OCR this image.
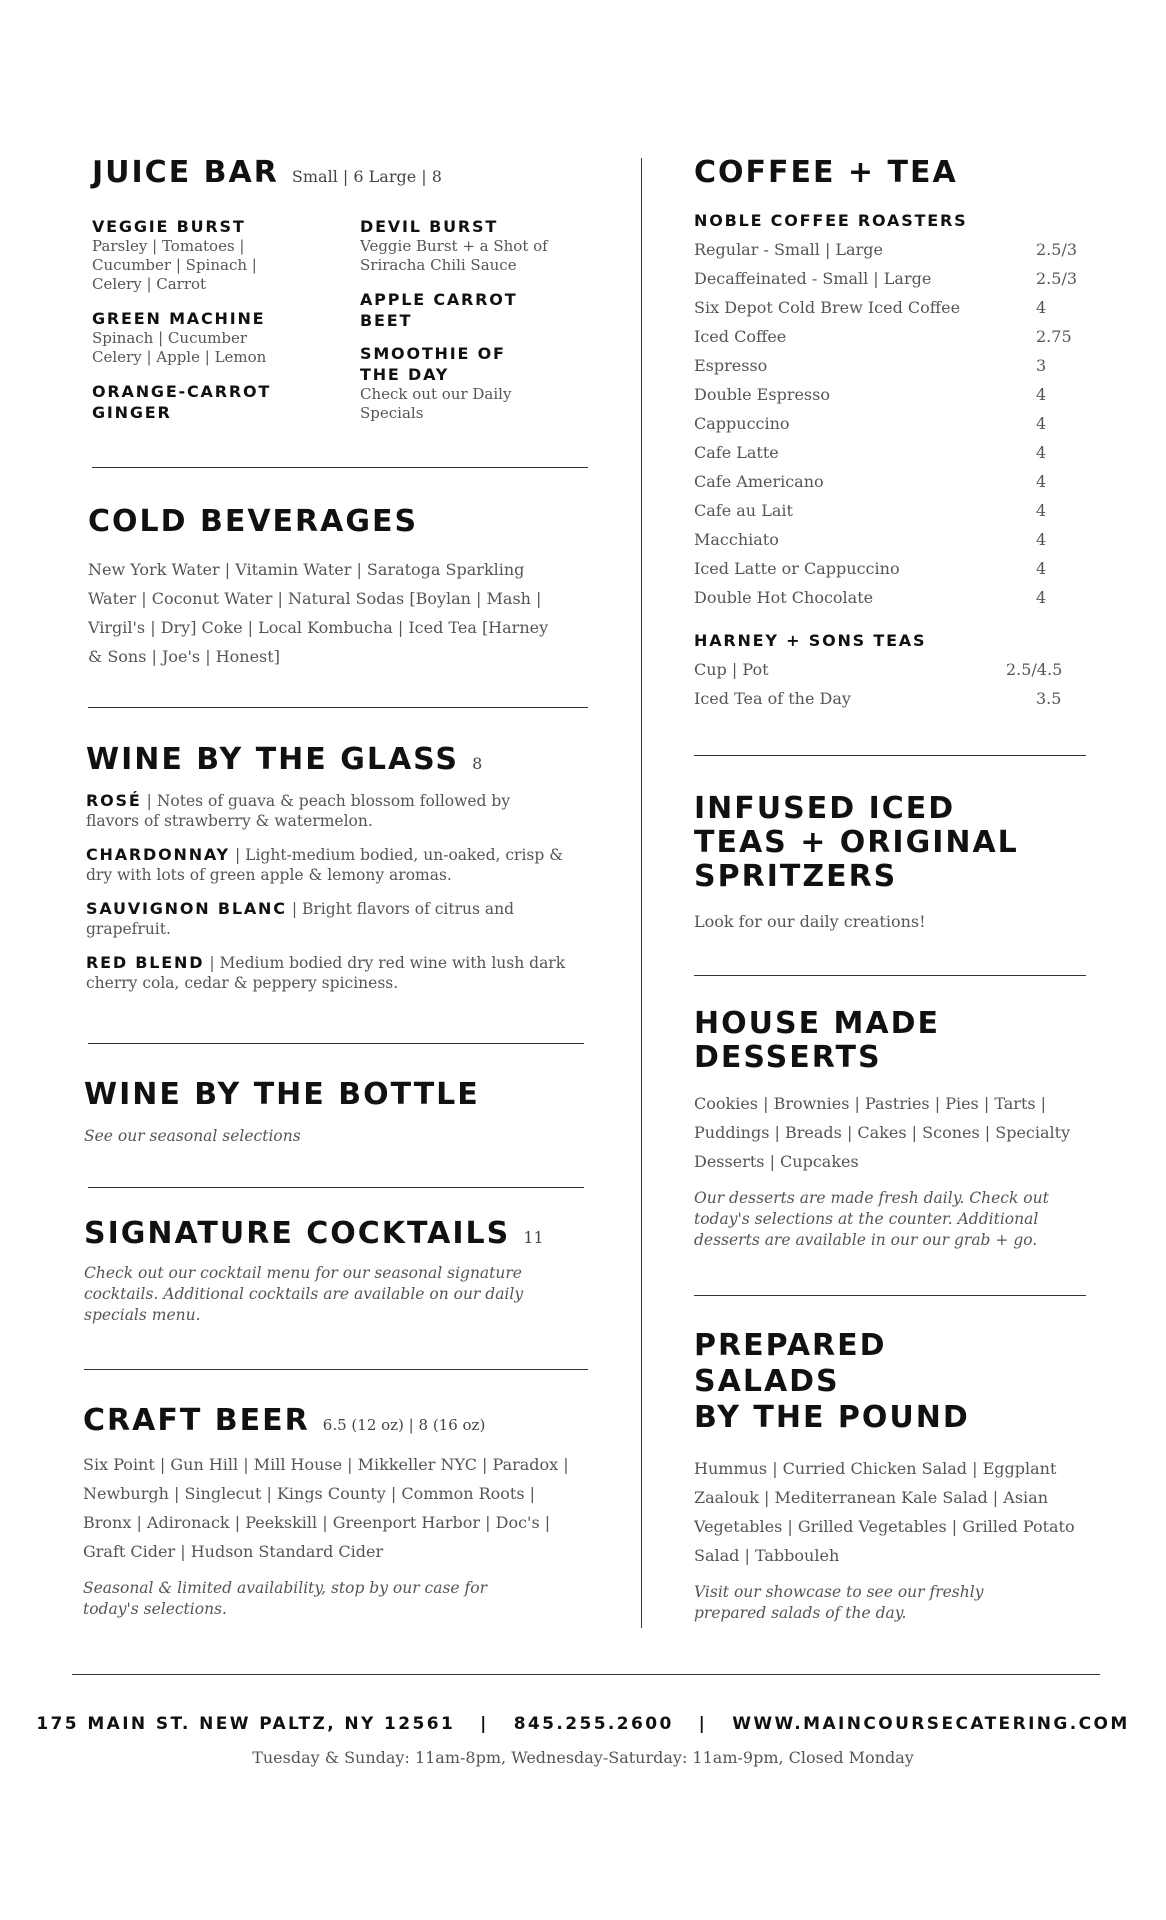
JUICE BAR Small | 6 Large | 8
VEGGIE BURST
Parsley | Tomatoes | Cucumber | Spinach | Celery | Carrot
GREEN MACHINE
Spinach | Cucumber Celery | Apple | Lemon
ORANGE-CARROT GINGER
DEVIL BURST
Veggie Burst + a Shot of Sriracha Chili Sauce
APPLE CARROT BEET
SMOOTHIE OF THE DAY
Check out our Daily Specials
COLD BEVERAGES
New York Water | Vitamin Water | Saratoga Sparkling Water | Coconut Water | Natural Sodas [Boylan | Mash | Virgil's | Dry] Coke | Local Kombucha | Iced Tea [Harney & Sons | Joe's | Honest]
WINE BY THE GLASS 8

ROSÉ | Notes of guava & peach blossom followed by flavors of strawberry & watermelon.

CHARDONNAY | Light-medium bodied, un-oaked, crisp & dry with lots of green apple & lemony aromas.

SAUVIGNON BLANC | Bright flavors of citrus and grapefruit.

RED BLEND | Medium bodied dry red wine with lush dark cherry cola, cedar & peppery spiciness.

WINE BY THE BOTTLE
See our seasonal selections
SIGNATURE COCKTAILS 11
Check out our cocktail menu for our seasonal signature cocktails. Additional cocktails are available on our daily specials menu.
CRAFT BEER 6.5 (12 oz) | 8 (16 oz)
Six Point | Gun Hill | Mill House | Mikkeller NYC | Paradox | Newburgh | Singlecut | Kings County | Common Roots | Bronx | Adironack | Peekskill | Greenport Harbor | Doc's | Graft Cider | Hudson Standard Cider
Seasonal & limited availability, stop by our case for today's selections.
COFFEE + TEA
NOBLE COFFEE ROASTERS
Regular - Small | Large	2.5/3
Decaffeinated - Small | Large	2.5/3
Six Depot Cold Brew Iced Coffee	4
Iced Coffee	2.75
Espresso	3
Double Espresso	4
Cappuccino	4
Cafe Latte	4
Cafe Americano	4
Cafe au Lait	4
Macchiato	4
Iced Latte or Cappuccino	4
Double Hot Chocolate	4
HARNEY + SONS TEAS
Cup | Pot	2.5/4.5
Iced Tea of the Day	3.5
INFUSED ICED
TEAS + ORIGINAL
SPRITZERS
Look for our daily creations!
HOUSE MADE
DESSERTS
Cookies | Brownies | Pastries | Pies | Tarts | Puddings | Breads | Cakes | Scones | Specialty Desserts | Cupcakes
Our desserts are made fresh daily. Check out today's selections at the counter. Additional desserts are available in our our grab + go.
PREPARED
SALADS
BY THE POUND
Hummus | Curried Chicken Salad | Eggplant Zaalouk | Mediterranean Kale Salad | Asian Vegetables | Grilled Vegetables | Grilled Potato Salad | Tabbouleh
Visit our showcase to see our freshly prepared salads of the day.
175 MAIN ST. NEW PALTZ, NY 12561   |   845.255.2600   |   WWW.MAINCOURSECATERING.COM
Tuesday & Sunday: 11am-8pm, Wednesday-Saturday: 11am-9pm, Closed Monday
